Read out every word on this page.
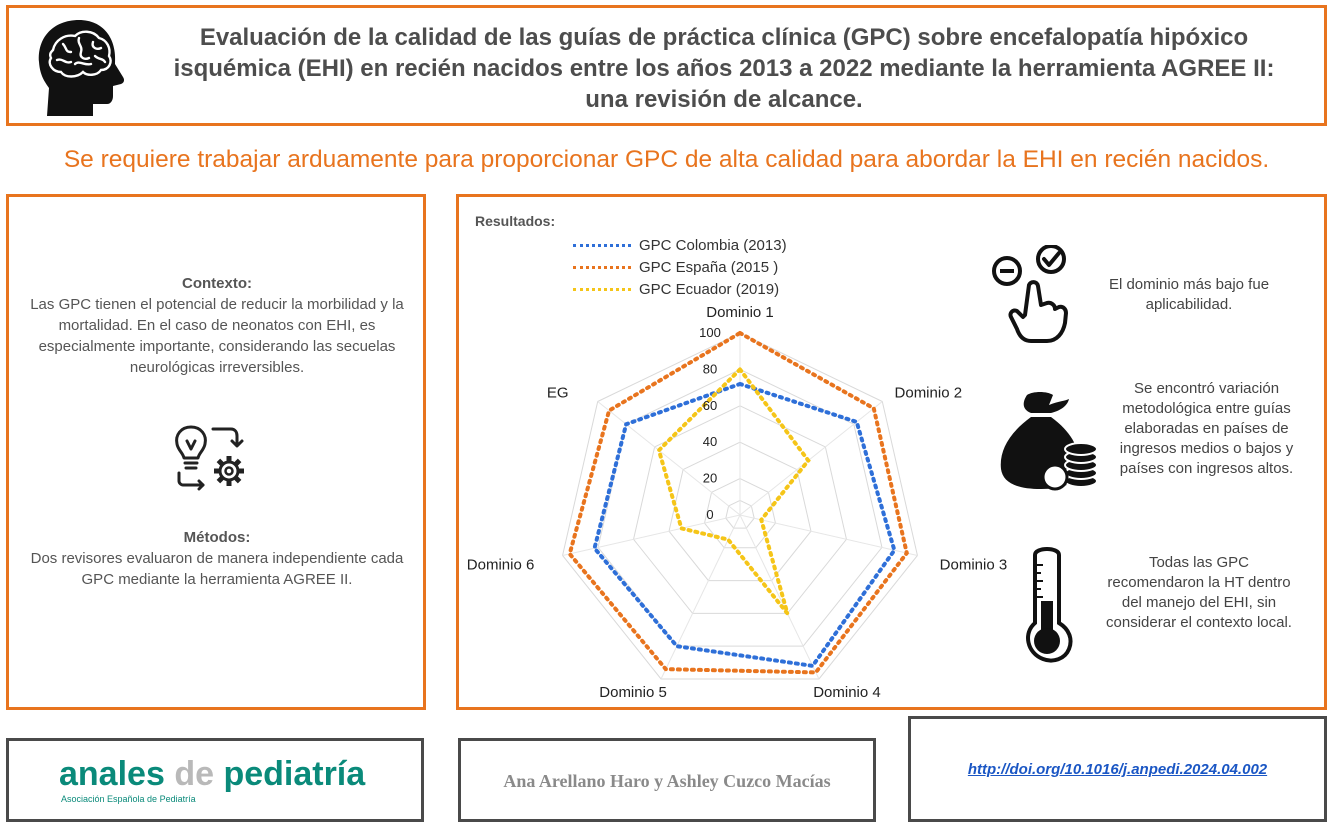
Evaluación de la calidad de las guías de práctica clínica (GPC) sobre encefalopatía hipóxico isquémica (EHI) en recién nacidos entre los años 2013 a 2022 mediante la herramienta AGREE II: una revisión de alcance.
Se requiere trabajar arduamente para proporcionar GPC de alta calidad para abordar la EHI en recién nacidos.
Contexto:
Las GPC tienen el potencial de reducir la morbilidad y la mortalidad. En el caso de neonatos con EHI, es especialmente importante, considerando las secuelas neurológicas irreversibles.
Métodos:
Dos revisores evaluaron de manera independiente cada GPC mediante la herramienta AGREE II.
Resultados:
GPC Colombia (2013)
GPC España (2015 )
GPC Ecuador (2019)
0
20
40
60
80
100
Dominio 1
Dominio 2
Dominio 3
Dominio 4
Dominio 5
Dominio 6
EG
El dominio más bajo fue aplicabilidad.
Se encontró variación metodológica entre guías elaboradas en países de ingresos medios o bajos y países con ingresos altos.
Todas las GPC recomendaron la HT dentro del manejo del EHI, sin considerar el contexto local.
anales de pediatría
Asociación Española de Pediatría
Ana Arellano Haro y Ashley Cuzco Macías
http://doi.org/10.1016/j.anpedi.2024.04.002
